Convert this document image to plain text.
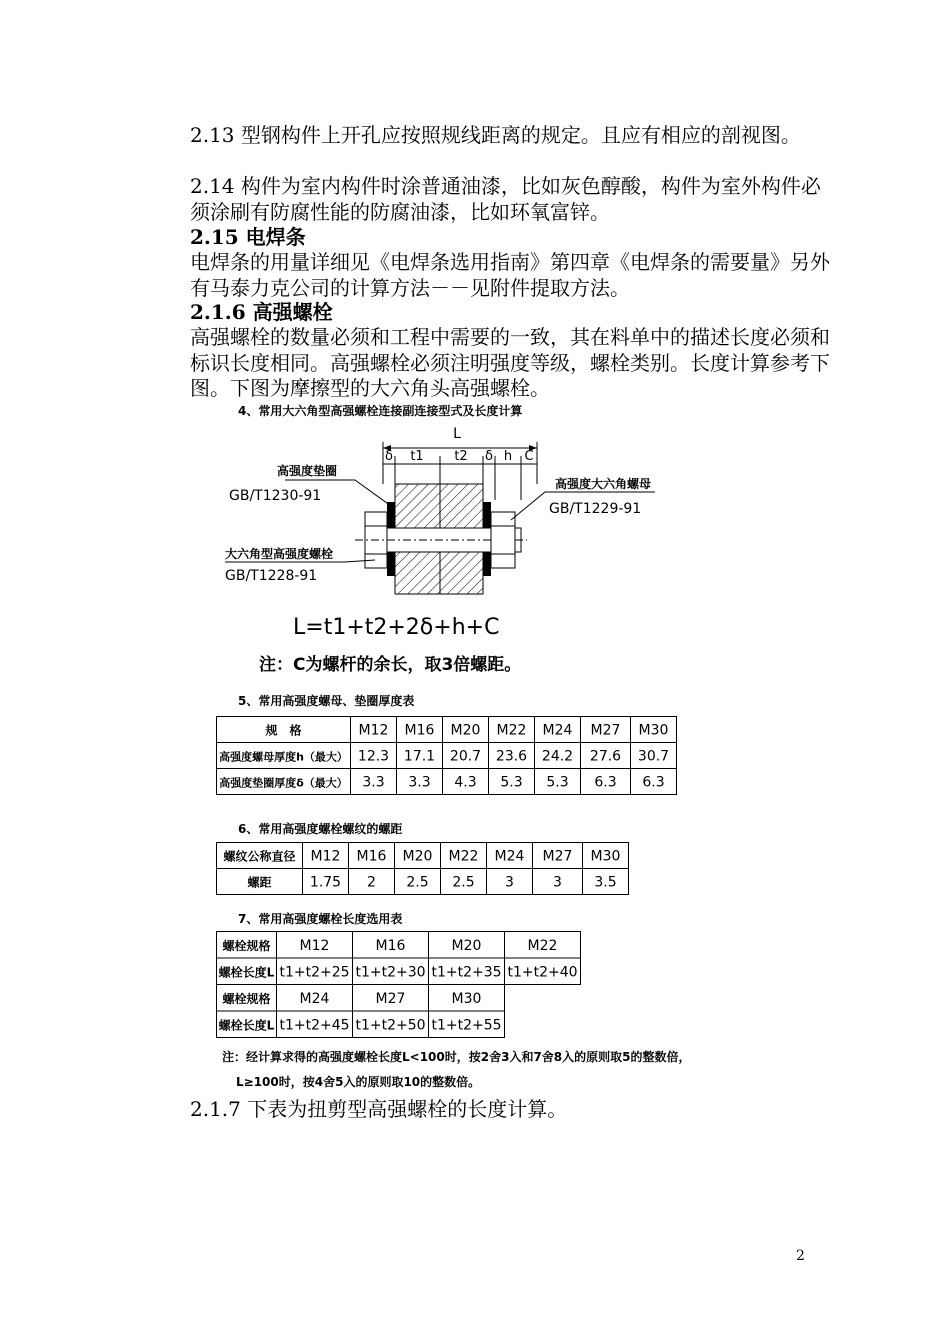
2.13 型钢构件上开孔应按照规线距离的规定。且应有相应的剖视图。
2.14 构件为室内构件时涂普通油漆，比如灰色醇酸，构件为室外构件必须涂刷有防腐性能的防腐油漆，比如环氧富锌。
2.15 电焊条
电焊条的用量详细见《电焊条选用指南》第四章《电焊条的需要量》另外有马泰力克公司的计算方法－－见附件提取方法。
2.1.6 高强螺栓
高强螺栓的数量必须和工程中需要的一致，其在料单中的描述长度必须和标识长度相同。高强螺栓必须注明强度等级，螺栓类别。长度计算参考下图。下图为摩擦型的大六角头高强螺栓。
4、常用大六角型高强螺栓连接副连接型式及长度计算
L
δ t1 t2 δ h C
高强度垫圈
GB/T1230-91
高强度大六角螺母
GB/T1229-91
大六角型高强度螺栓
GB/T1228-91
L=t1+t2+2δ+h+C
注：C为螺杆的余长，取3倍螺距。
5、常用高强度螺母、垫圈厚度表
规　格	M12 M16 M20 M22 M24 M27 M30
高强度螺母厚度h（最大） 12.3 17.1 20.7 23.6 24.2 27.6 30.7
高强度垫圈厚度δ（最大） 3.3 3.3 4.3 5.3 5.3 6.3 6.3
6、常用高强度螺栓螺纹的螺距
螺纹公称直径 M12 M16 M20 M22 M24 M27 M30
螺距	1.75 2 2.5 2.5 3	3 3.5
7、常用高强度螺栓长度选用表
螺栓规格 M12	M16	M20	M22
螺栓长度L t1+t2+25 t1+t2+30 t1+t2+35 t1+t2+40
螺栓规格 M24	M27	M30
螺栓长度L t1+t2+45 t1+t2+50 t1+t2+55
注：经计算求得的高强度螺栓长度L<100时，按2舍3入和7舍8入的原则取5的整数倍，
L≥100时，按4舍5入的原则取10的整数倍。
2.1.7 下表为扭剪型高强螺栓的长度计算。
2
